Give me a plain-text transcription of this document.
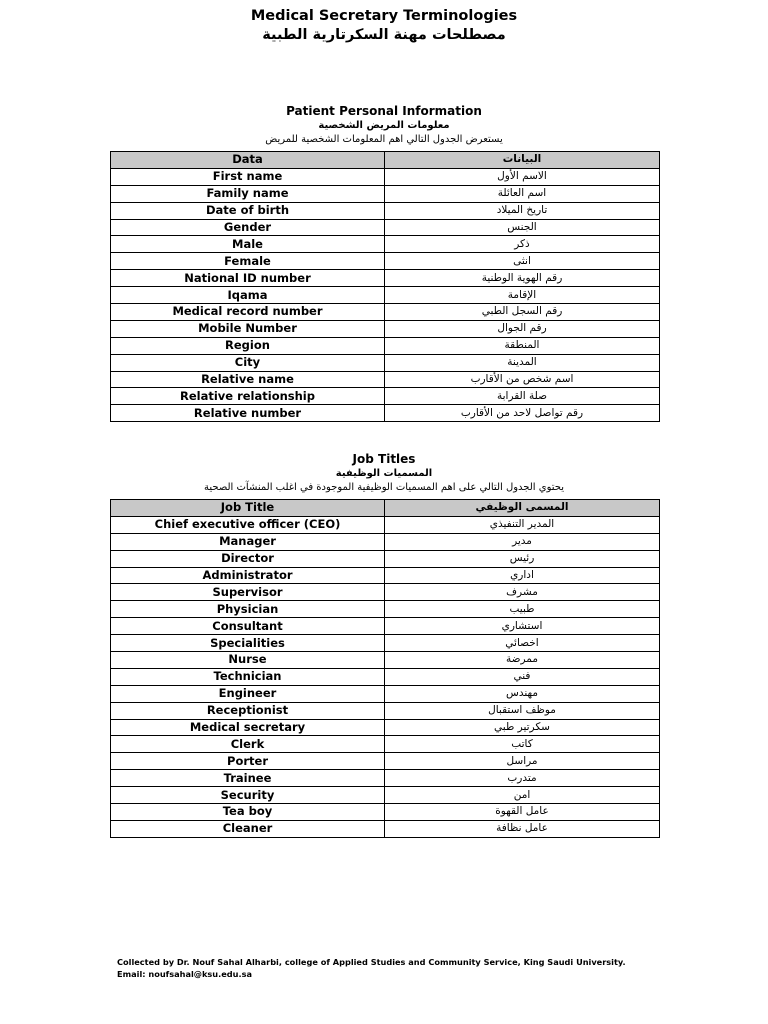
Medical Secretary Terminologies
مصطلحات مهنة السكرتارية الطبية
Patient Personal Information
معلومات المريض الشخصية
يستعرض الجدول التالي اهم المعلومات الشخصية للمريض
Data	البيانات
First name	الاسم الأول
Family name	اسم العائلة
Date of birth	تاريخ الميلاد
Gender	الجنس
Male	ذكر
Female	انثى
National ID number	رقم الهوية الوطنية
Iqama	الإقامة
Medical record number	رقم السجل الطبي
Mobile Number	رقم الجوال
Region	المنطقة
City	المدينة
Relative name	اسم شخص من الأقارب
Relative relationship	صلة القرابة
Relative number	رقم تواصل لاحد من الأقارب
Job Titles
المسميات الوظيفية
يحتوي الجدول التالي على اهم المسميات الوظيفية الموجودة في اغلب المنشآت الصحية
Job Title	المسمى الوظيفي
Chief executive officer (CEO)	المدير التنفيذي
Manager	مدير
Director	رئيس
Administrator	اداري
Supervisor	مشرف
Physician	طبيب
Consultant	استشاري
Specialities	اخصائي
Nurse	ممرضة
Technician	فني
Engineer	مهندس
Receptionist	موظف استقبال
Medical secretary	سكرتير طبي
Clerk	كاتب
Porter	مراسل
Trainee	متدرب
Security	امن
Tea boy	عامل القهوة
Cleaner	عامل نظافة
Collected by Dr. Nouf Sahal Alharbi, college of Applied Studies and Community Service, King Saudi University.
Email: noufsahal@ksu.edu.sa
